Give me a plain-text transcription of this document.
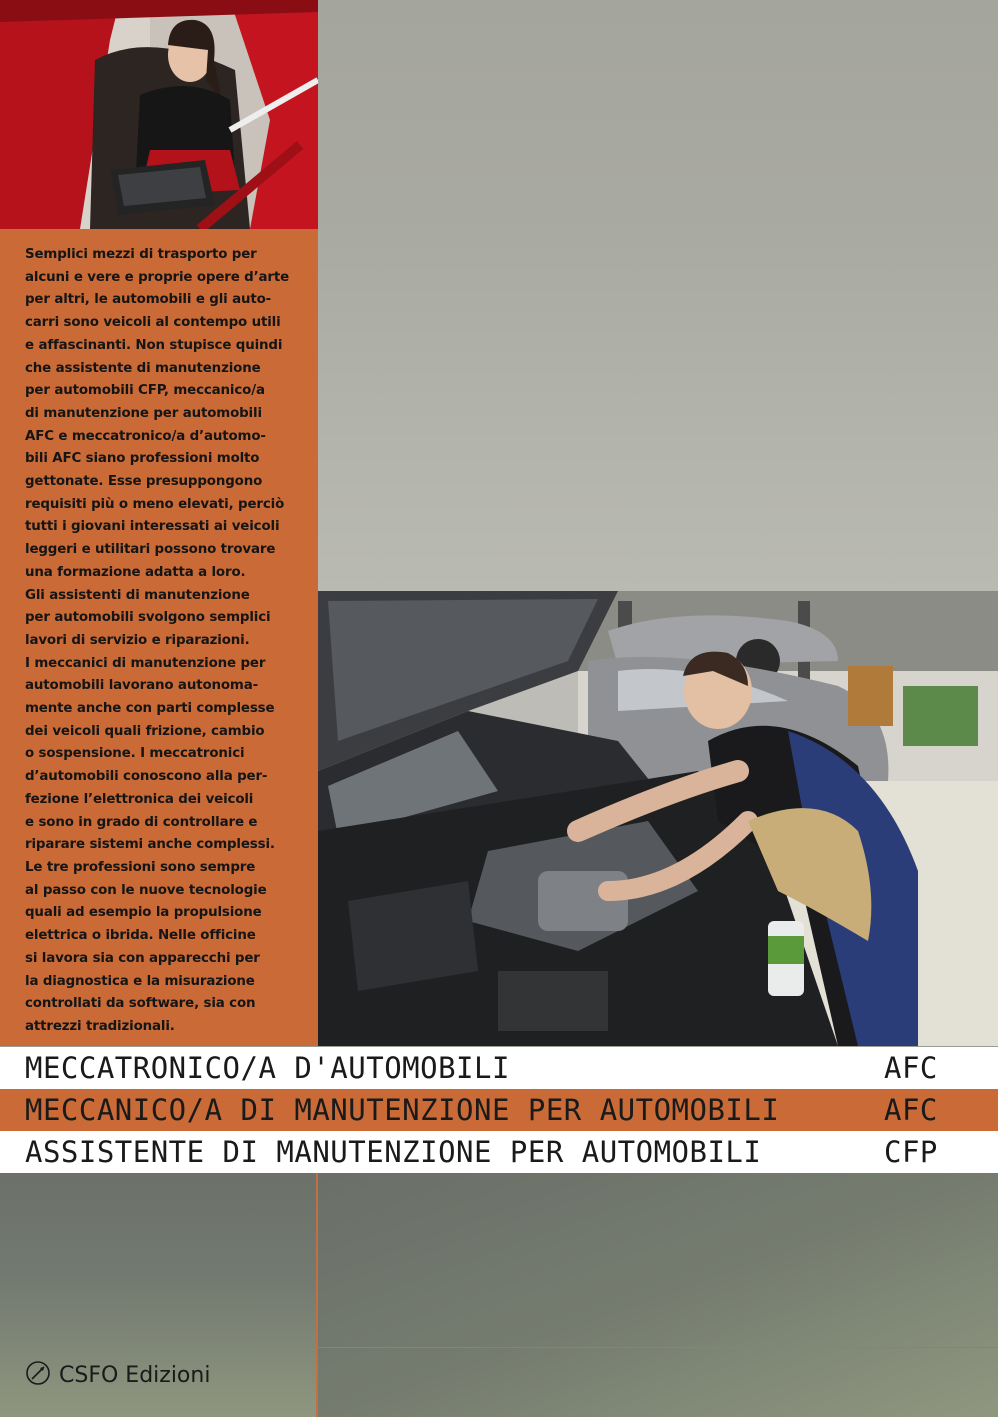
Semplici mezzi di trasporto per
alcuni e vere e proprie opere d’arte
per altri, le automobili e gli auto-
carri sono veicoli al contempo utili
e affascinanti. Non stupisce quindi
che assistente di manutenzione
per automobili CFP, meccanico/a
di manutenzione per automobili
AFC e meccatronico/a d’automo-
bili AFC siano professioni molto
gettonate. Esse presuppongono
requisiti più o meno elevati, perciò
tutti i giovani interessati ai veicoli
leggeri e utilitari possono trovare
una formazione adatta a loro.
Gli assistenti di manutenzione
per automobili svolgono semplici
lavori di servizio e riparazioni.
I meccanici di manutenzione per
automobili lavorano autonoma-
mente anche con parti complesse
dei veicoli quali frizione, cambio
o sospensione. I meccatronici
d’automobili conoscono alla per-
fezione l’elettronica dei veicoli
e sono in grado di controllare e
riparare sistemi anche complessi.
Le tre professioni sono sempre
al passo con le nuove tecnologie
quali ad esempio la propulsione
elettrica o ibrida. Nelle officine
si lavora sia con apparecchi per
la diagnostica e la misurazione
controllati da software, sia con
attrezzi tradizionali.

MECCATRONICO/A D'AUTOMOBILI	AFC
MECCANICO/A DI MANUTENZIONE PER AUTOMOBILI	AFC
ASSISTENTE DI MANUTENZIONE PER AUTOMOBILI	CFP
CSFO Edizioni
